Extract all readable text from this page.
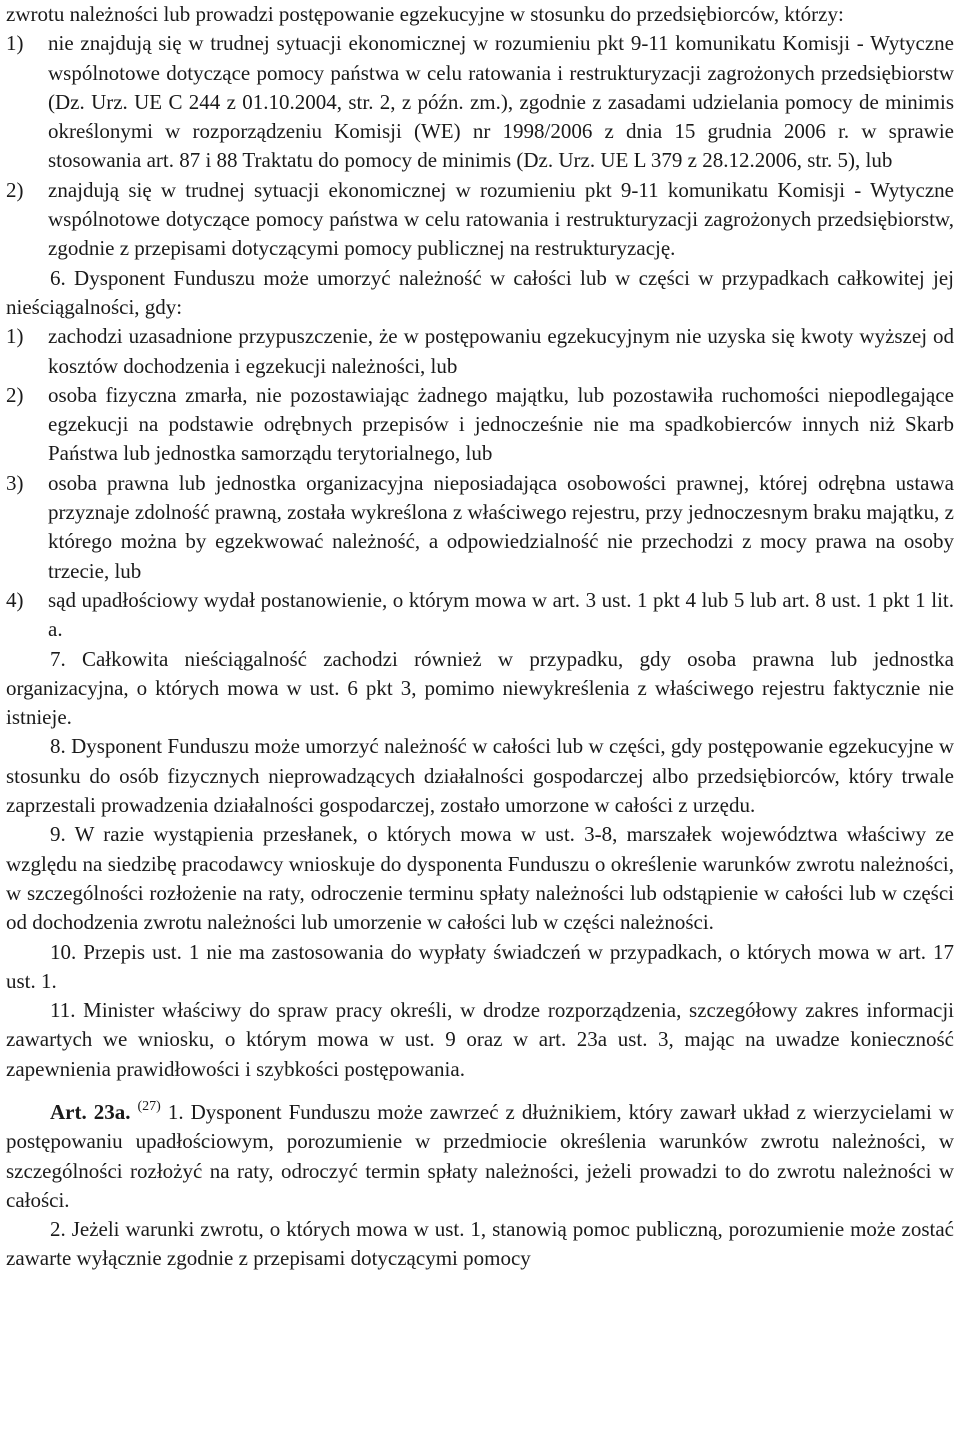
zwrotu należności lub prowadzi postępowanie egzekucyjne w stosunku do przedsiębiorców, którzy:

1) nie znajdują się w trudnej sytuacji ekonomicznej w rozumieniu pkt 9-11 komunikatu Komisji - Wytyczne wspólnotowe dotyczące pomocy państwa w celu ratowania i restrukturyzacji zagrożonych przedsiębiorstw (Dz. Urz. UE C 244 z 01.10.2004, str. 2, z późn. zm.), zgodnie z zasadami udzielania pomocy de minimis określonymi w rozporządzeniu Komisji (WE) nr 1998/2006 z dnia 15 grudnia 2006 r. w sprawie stosowania art. 87 i 88 Traktatu do pomocy de minimis (Dz. Urz. UE L 379 z 28.12.2006, str. 5), lub

2) znajdują się w trudnej sytuacji ekonomicznej w rozumieniu pkt 9-11 komunikatu Komisji - Wytyczne wspólnotowe dotyczące pomocy państwa w celu ratowania i restrukturyzacji zagrożonych przedsiębiorstw, zgodnie z przepisami dotyczącymi pomocy publicznej na restrukturyzację.

6. Dysponent Funduszu może umorzyć należność w całości lub w części w przypadkach całkowitej jej nieściągalności, gdy:

1) zachodzi uzasadnione przypuszczenie, że w postępowaniu egzekucyjnym nie uzyska się kwoty wyższej od kosztów dochodzenia i egzekucji należności, lub

2) osoba fizyczna zmarła, nie pozostawiając żadnego majątku, lub pozostawiła ruchomości niepodlegające egzekucji na podstawie odrębnych przepisów i jednocześnie nie ma spadkobierców innych niż Skarb Państwa lub jednostka samorządu terytorialnego, lub

3) osoba prawna lub jednostka organizacyjna nieposiadająca osobowości prawnej, której odrębna ustawa przyznaje zdolność prawną, została wykreślona z właściwego rejestru, przy jednoczesnym braku majątku, z którego można by egzekwować należność, a odpowiedzialność nie przechodzi z mocy prawa na osoby trzecie, lub

4) sąd upadłościowy wydał postanowienie, o którym mowa w art. 3 ust. 1 pkt 4 lub 5 lub art. 8 ust. 1 pkt 1 lit. a.

7. Całkowita nieściągalność zachodzi również w przypadku, gdy osoba prawna lub jednostka organizacyjna, o których mowa w ust. 6 pkt 3, pomimo niewykreślenia z właściwego rejestru faktycznie nie istnieje.

8. Dysponent Funduszu może umorzyć należność w całości lub w części, gdy postępowanie egzekucyjne w stosunku do osób fizycznych nieprowadzących działalności gospodarczej albo przedsiębiorców, który trwale zaprzestali prowadzenia działalności gospodarczej, zostało umorzone w całości z urzędu.

9. W razie wystąpienia przesłanek, o których mowa w ust. 3-8, marszałek województwa właściwy ze względu na siedzibę pracodawcy wnioskuje do dysponenta Funduszu o określenie warunków zwrotu należności, w szczególności rozłożenie na raty, odroczenie terminu spłaty należności lub odstąpienie w całości lub w części od dochodzenia zwrotu należności lub umorzenie w całości lub w części należności.

10. Przepis ust. 1 nie ma zastosowania do wypłaty świadczeń w przypadkach, o których mowa w art. 17 ust. 1.

11. Minister właściwy do spraw pracy określi, w drodze rozporządzenia, szczegółowy zakres informacji zawartych we wniosku, o którym mowa w ust. 9 oraz w art. 23a ust. 3, mając na uwadze konieczność zapewnienia prawidłowości i szybkości postępowania.

Art. 23a. $^{(27)}$ 1. Dysponent Funduszu może zawrzeć z dłużnikiem, który zawarł układ z wierzycielami w postępowaniu upadłościowym, porozumienie w przedmiocie określenia warunków zwrotu należności, w szczególności rozłożyć na raty, odroczyć termin spłaty należności, jeżeli prowadzi to do zwrotu należności w całości.

2. Jeżeli warunki zwrotu, o których mowa w ust. 1, stanowią pomoc publiczną, porozumienie może zostać zawarte wyłącznie zgodnie z przepisami dotyczącymi pomocy
